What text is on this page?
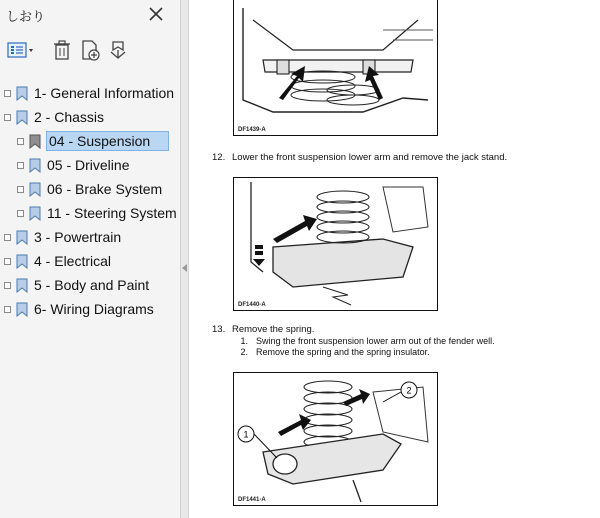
しおり
1- General Information
2 - Chassis
04 - Suspension
05 - Driveline
06 - Brake System
11 - Steering System
3 - Powertrain
4 - Electrical
5 - Body and Paint
6- Wiring Diagrams
DF1439-A
12. Lower the front suspension lower arm and remove the jack stand.
DF1440-A
13. Remove the spring.
1. Swing the front suspension lower arm out of the fender well.
2. Remove the spring and the spring insulator.
1
2
DF1441-A
